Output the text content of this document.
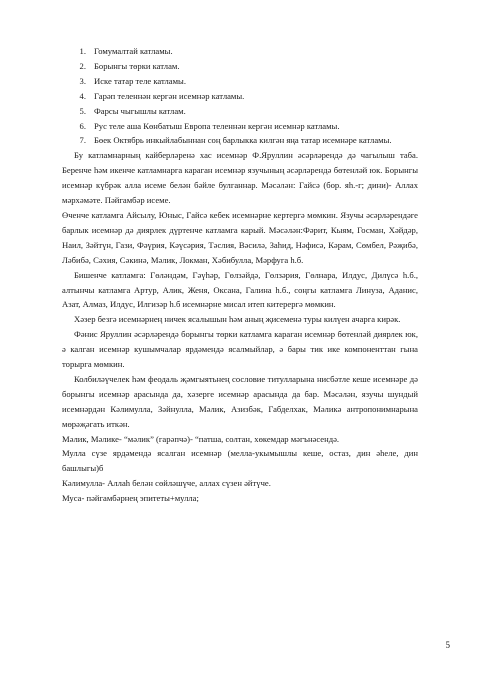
1. Гомумалтай катламы.
2. Борынгы төрки катлам.
3. Иске татар теле катламы.
4. Гарәп теленнән кергән исемнәр катламы.
5. Фарсы чыгышлы катлам.
6. Рус теле аша Көнбатыш Европа теленнән кергән исемнәр катламы.
7. Бөек Октябрь инкыйлабыннан соң барлыкка килгән яңа татар исемнәре катламы.

Бу катламнарның кайберләренә хас исемнәр Ф.Яруллин әсәрләрендә дә чагылыш таба. Беренче һәм икенче катламнарга караган исемнәр язучының әсәрләрендә бөтенләй юк. Борынгы исемнәр күбрәк алла исеме белән бәйле булганнар. Мәсәлән: Гайсә (бор. яһ.-г; дини)- Аллах мәрхәмәте. Пәйгамбәр исеме.

Өченче катламга Айсылу, Юныс, Гайсә кебек исемнәрне кертергә мөмкин. Язучы әсәрләрендәге барлык исемнәр дә диярлек дүртенче катламга карый. Мәсәлән:Фәрит, Кыям, Госман, Хәйдәр, Наил, Зәйтүн, Гази, Фәүрия, Кәүсәрия, Тәслия, Вәсилә, Заһид, Нәфисә, Кәрам, Сөмбел, Рәҗибә, Ләбибә, Сәхия, Сәкинә, Мәлик, Локман, Хәбибулла, Мәрфуга һ.б.

Бишенче катламга: Гөләндәм, Гәүһәр, Гөлзәйдә, Гөлзәрия, Гөлнара, Илдус, Дилүсә һ.б., алтынчы катламга Артур, Алик, Женя, Оксана, Галина һ.б., соңгы катламга Линуза, Аданис, Азат, Алмаз, Илдус, Илгизәр һ.б исемнәрне мисал итеп китерергә мөмкин.

Хәзер безгә исемнәрнең ничек ясалышын һәм аның җисеменә туры килүен ачарга кирәк.

Фәнис Яруллин әсәрләрендә борынгы төрки катламга караган исемнәр бөтенләй диярлек юк, ә калган исемнәр кушымчалар ярдәмендә ясалмыйлар, ә бары тик ике компоненттан гына торырга мөмкин.

Колбиләүчелек һәм феодаль җәмгыятьнең сословие титулларына нисбәтле кеше исемнәре дә борынгы исемнәр арасында да, хәзерге исемнәр арасында да бар. Мәсәлән, язучы шундый исемнәрдән Кәлимулла, Зәйнулла, Мәлик, Азизбәк, Габделхак, Мәликә антропонимнарына мөрәҗәгать иткән.

Мәлик, Мәлике- “мәлик” (гарәпчә)- “патша, солтан, хөкемдар мәгънәсендә.

Мулла сүзе ярдәмендә ясалган исемнәр (мелла-укымышлы кеше, остаз, дин әһеле, дин башлыгы)б

Кәлимулла- Аллаһ белән сөйләшүче, аллах сүзен әйтүче.

Муса- пәйгамбәрнең эпитеты+мулла;

5
